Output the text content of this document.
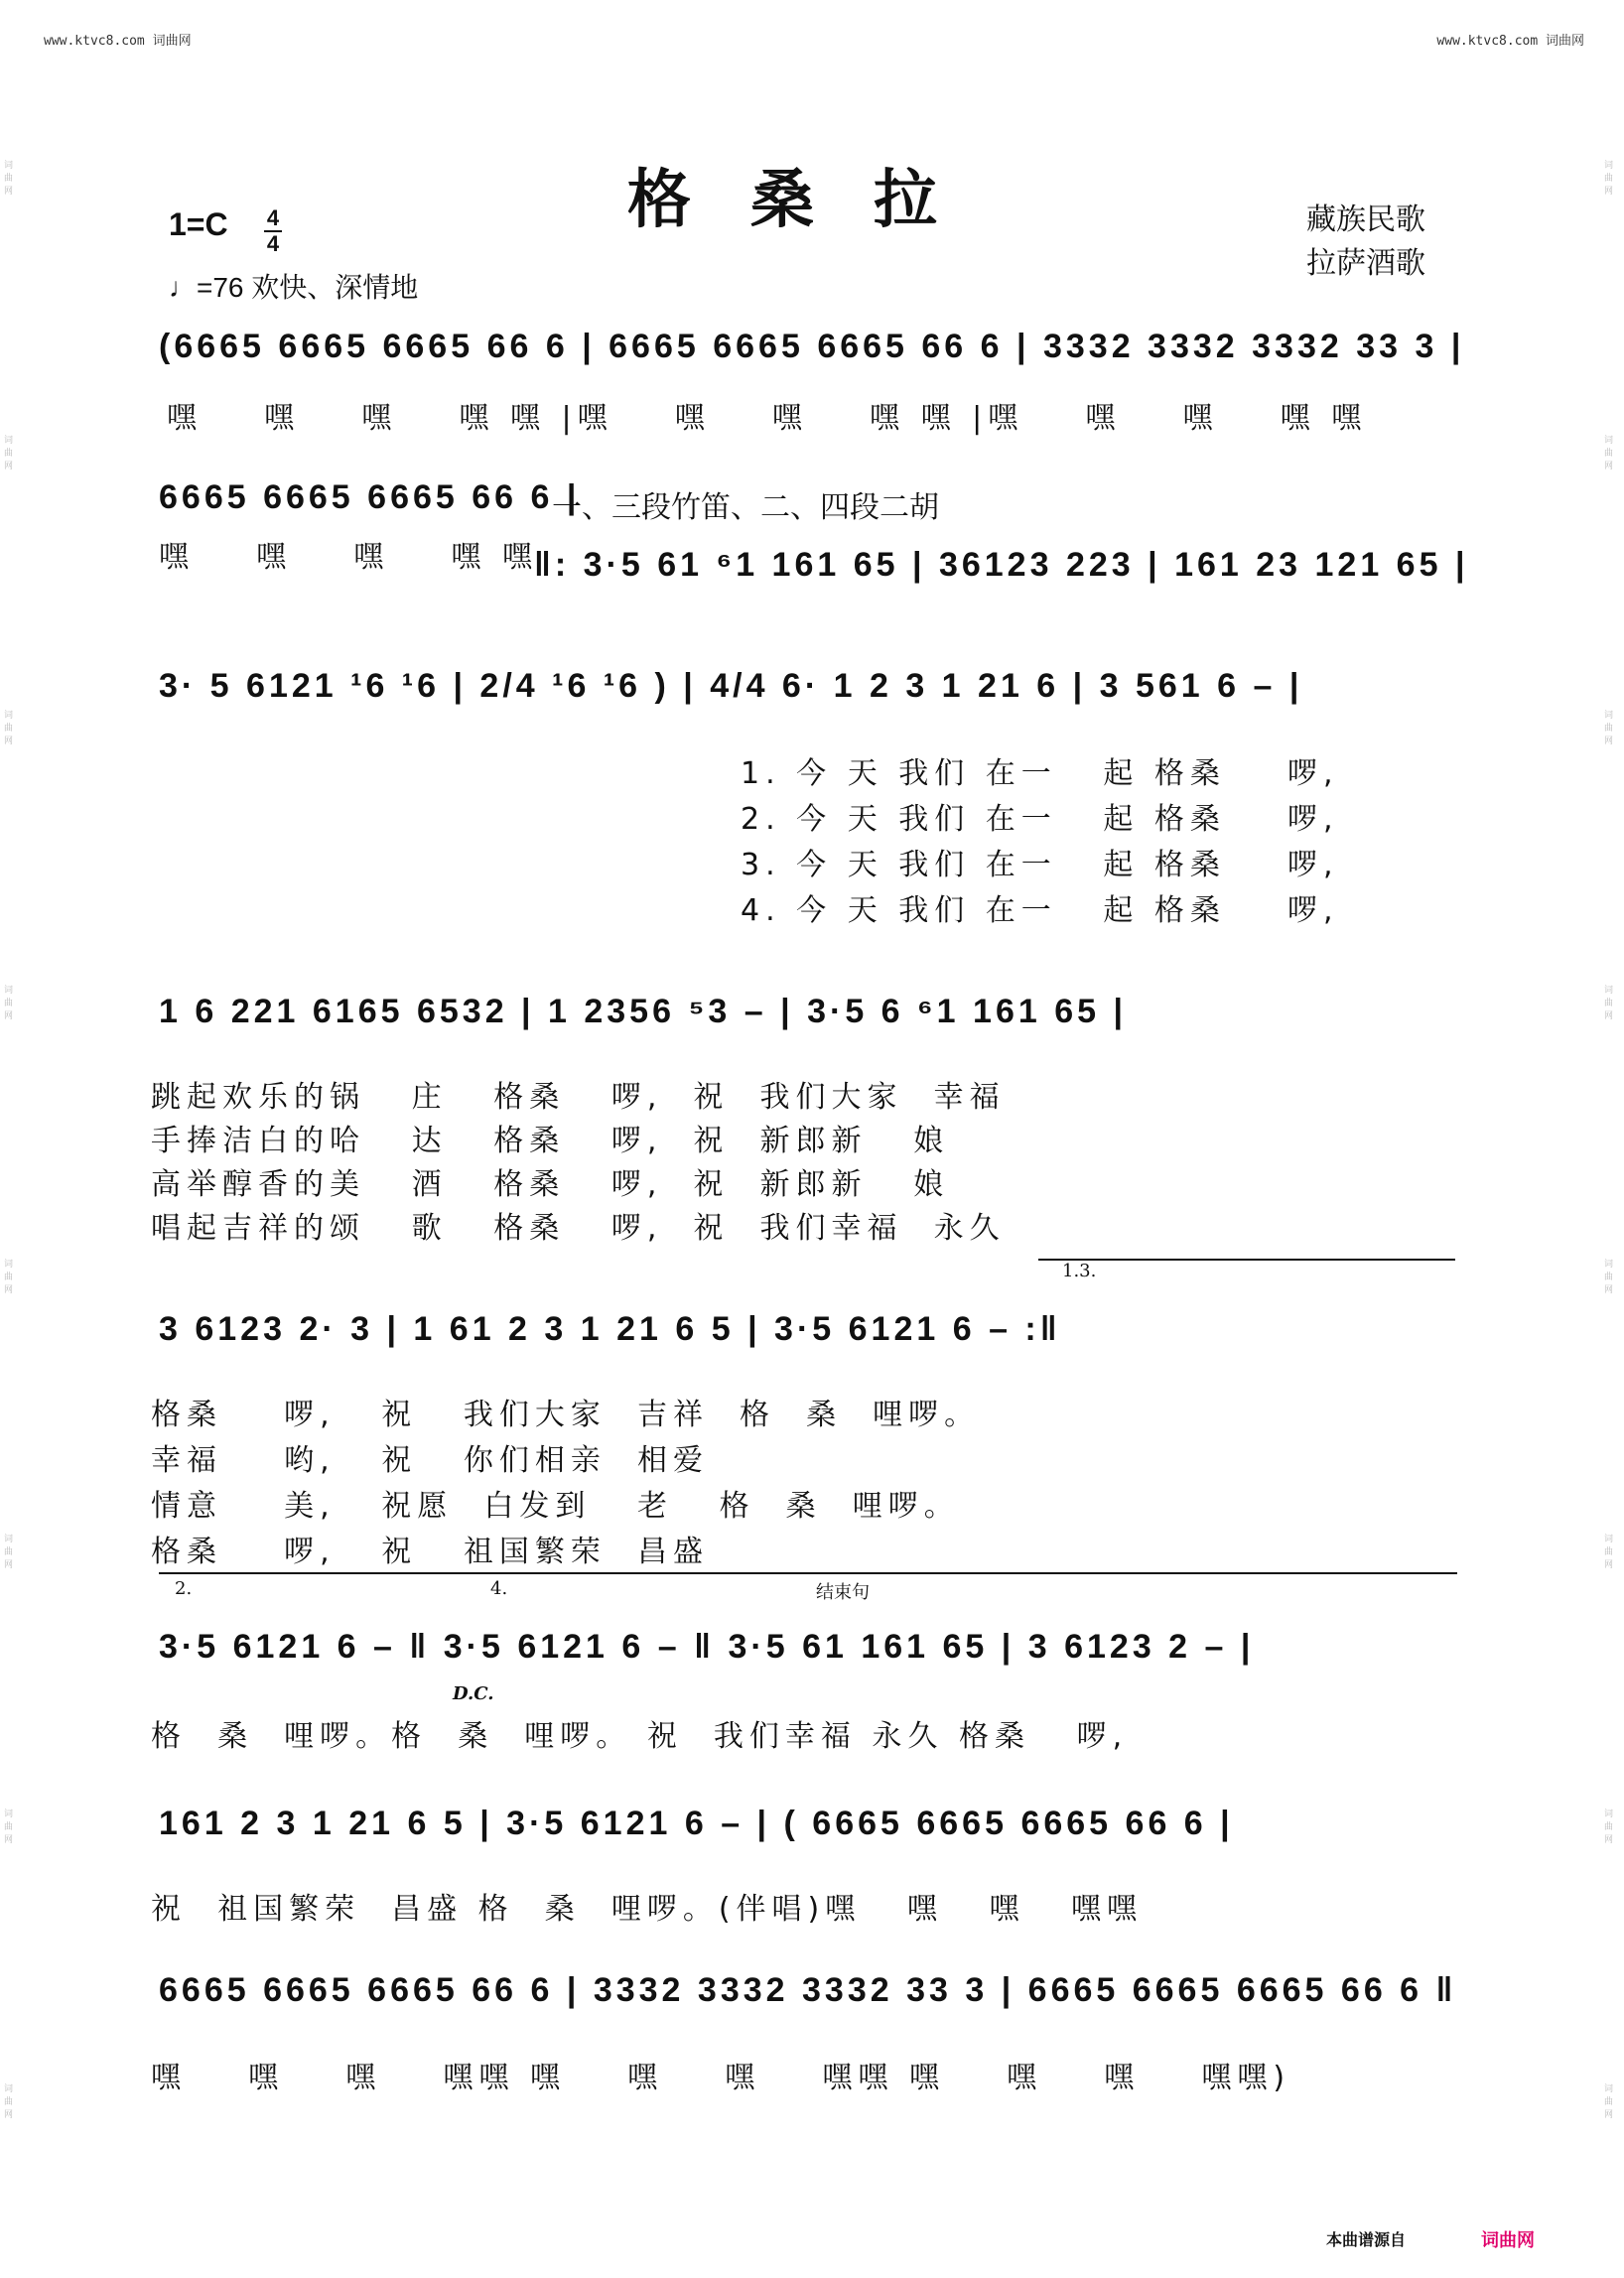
www.ktvc8.com 词曲网	www.ktvc8.com 词曲网
词曲网
词曲网
词曲网
词曲网
词曲网
词曲网
词曲网
词曲网
词曲网
词曲网
词曲网
词曲网
词曲网
词曲网
词曲网
词曲网
格桑拉
1=C 4
4
♩=76 欢快、深情地
藏族民歌
拉萨酒歌
(6665 6665 6665 66 6 | 6665 6665 6665 66 6 | 3332 3332 3332 33 3 |
嘿    嘿    嘿    嘿 嘿 |嘿    嘿    嘿    嘿 嘿 |嘿    嘿    嘿    嘿 嘿
6665 6665 6665 66 6 |
嘿    嘿    嘿    嘿 嘿
一、三段竹笛、二、四段二胡
‖: 3·5 61 ⁶1 161 65 | 36123 223 | 161 23 121 65 |
3· 5 6121 ¹6 ¹6 | 2/4 ¹6 ¹6 ) | 4/4 6· 1 2 3 1 21 6 | 3 561 6 – |
1. 今 天 我们 在一   起 格桑    啰,
2. 今 天 我们 在一   起 格桑    啰,
3. 今 天 我们 在一   起 格桑    啰,
4. 今 天 我们 在一   起 格桑    啰,
1 6 221 6165 6532 | 1 2356 ⁵3 – | 3·5 6 ⁶1 161 65 |
跳起欢乐的锅   庄   格桑   啰,  祝  我们大家  幸福
手捧洁白的哈   达   格桑   啰,  祝  新郎新   娘
高举醇香的美   酒   格桑   啰,  祝  新郎新   娘
唱起吉祥的颂   歌   格桑   啰,  祝  我们幸福  永久
1.3.
3 6123 2· 3 | 1 61 2 3 1 21 6 5 | 3·5 6121 6 – :‖
格桑    啰,   祝   我们大家  吉祥  格  桑  哩啰。
幸福    哟,   祝   你们相亲  相爱
情意    美,   祝愿  白发到   老   格  桑  哩啰。
格桑    啰,   祝   祖国繁荣  昌盛
2.	4.	结束句
3·5 6121 6 – ‖ 3·5 6121 6 – ‖ 3·5 61 161 65 | 3 6123 2 – |
D.C.
格  桑  哩啰。格  桑  哩啰。 祝  我们幸福 永久 格桑   啰,
161 2 3 1 21 6 5 | 3·5 6121 6 – | ( 6665 6665 6665 66 6 |
祝  祖国繁荣  昌盛 格  桑  哩啰。(伴唱)嘿   嘿   嘿   嘿嘿
6665 6665 6665 66 6 | 3332 3332 3332 33 3 | 6665 6665 6665 66 6 ‖
嘿    嘿    嘿    嘿嘿 嘿    嘿    嘿    嘿嘿 嘿    嘿    嘿    嘿嘿)
本曲谱源自	词曲网
